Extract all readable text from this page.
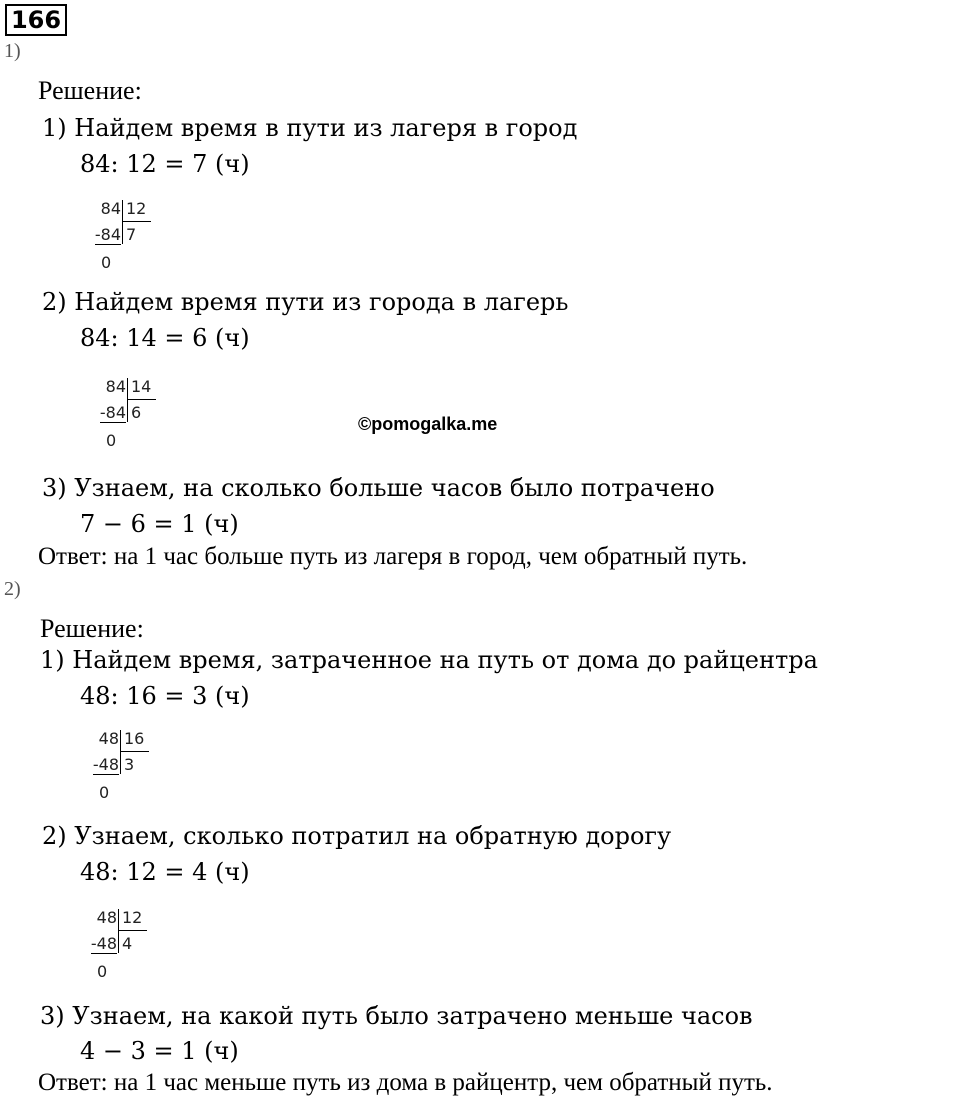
166
1)
Решение:
1) Найдем время в пути из лагеря в город
84: 12 = 7 (ч)
84 12
-84 7
0
2) Найдем время пути из города в лагерь
84: 14 = 6 (ч)
84 14
-84 6
0
©pomogalka.me
3) Узнаем, на сколько больше часов было потрачено
7 − 6 = 1 (ч)
Ответ: на 1 час больше путь из лагеря в город, чем обратный путь.
2)
Решение:
1) Найдем время, затраченное на путь от дома до райцентра
48: 16 = 3 (ч)
48 16
-48 3
0
2) Узнаем, сколько потратил на обратную дорогу
48: 12 = 4 (ч)
48 12
-48 4
0
3) Узнаем, на какой путь было затрачено меньше часов
4 − 3 = 1 (ч)
Ответ: на 1 час меньше путь из дома в райцентр, чем обратный путь.
